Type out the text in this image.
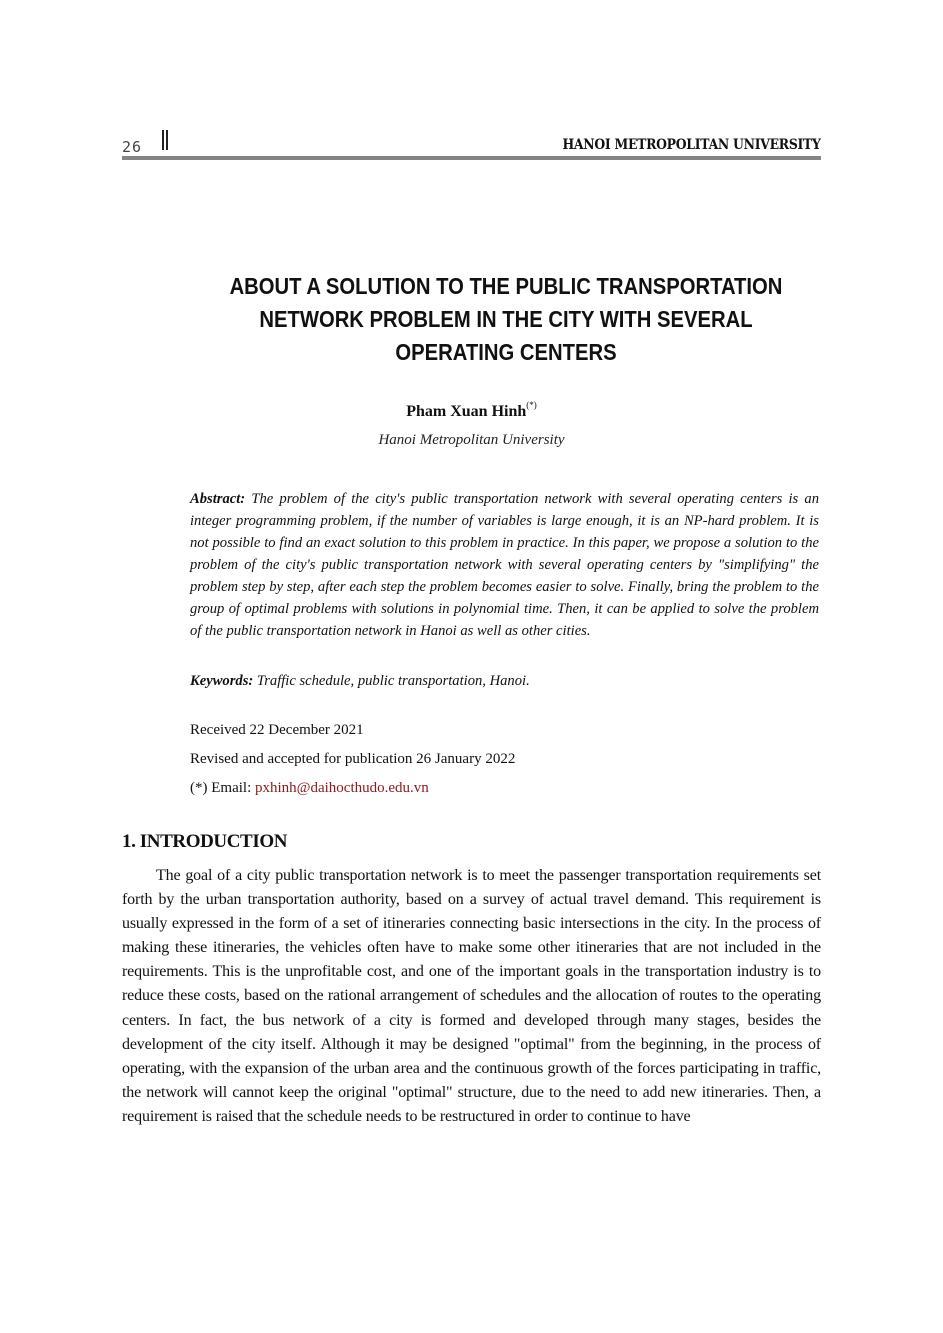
26	HANOI METROPOLITAN UNIVERSITY
ABOUT A SOLUTION TO THE PUBLIC TRANSPORTATION
NETWORK PROBLEM IN THE CITY WITH SEVERAL
OPERATING CENTERS
Pham Xuan Hinh(*)
Hanoi Metropolitan University
Abstract: The problem of the city's public transportation network with several operating centers is an integer programming problem, if the number of variables is large enough, it is an NP-hard problem. It is not possible to find an exact solution to this problem in practice. In this paper, we propose a solution to the problem of the city's public transportation network with several operating centers by "simplifying" the problem step by step, after each step the problem becomes easier to solve. Finally, bring the problem to the group of optimal problems with solutions in polynomial time. Then, it can be applied to solve the problem of the public transportation network in Hanoi as well as other cities.
Keywords: Traffic schedule, public transportation, Hanoi.
Received 22 December 2021
Revised and accepted for publication 26 January 2022
(*) Email: pxhinh@daihocthudo.edu.vn
1. INTRODUCTION
The goal of a city public transportation network is to meet the passenger transportation requirements set forth by the urban transportation authority, based on a survey of actual travel demand. This requirement is usually expressed in the form of a set of itineraries connecting basic intersections in the city. In the process of making these itineraries, the vehicles often have to make some other itineraries that are not included in the requirements. This is the unprofitable cost, and one of the important goals in the transportation industry is to reduce these costs, based on the rational arrangement of schedules and the allocation of routes to the operating centers. In fact, the bus network of a city is formed and developed through many stages, besides the development of the city itself. Although it may be designed "optimal" from the beginning, in the process of operating, with the expansion of the urban area and the continuous growth of the forces participating in traffic, the network will cannot keep the original "optimal" structure, due to the need to add new itineraries. Then, a requirement is raised that the schedule needs to be restructured in order to continue to have
